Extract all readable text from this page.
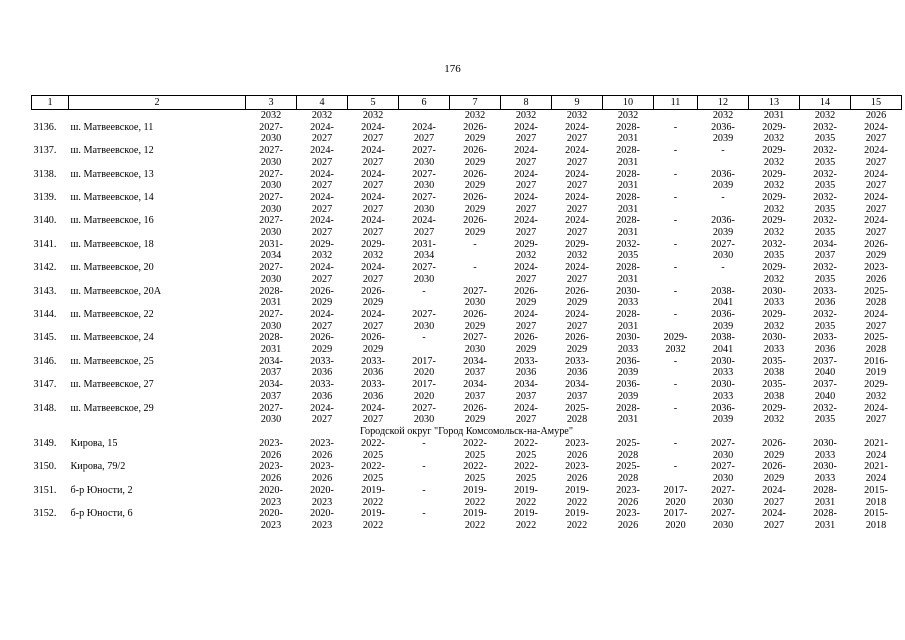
176
1	2	3	4	5	6	7	8	9	10	11	12	13	14	15
		2032	2032	2032		2032	2032	2032	2032		2032	2031	2032	2026
3136.	ш. Матвеевское, 11	2027-	2024-	2024-	2024-	2026-	2024-	2024-	2028-	-	2036-	2029-	2032-	2024-
		2030	2027	2027	2027	2029	2027	2027	2031		2039	2032	2035	2027
3137.	ш. Матвеевское, 12	2027-	2024-	2024-	2027-	2026-	2024-	2024-	2028-	-	-	2029-	2032-	2024-
		2030	2027	2027	2030	2029	2027	2027	2031			2032	2035	2027
3138.	ш. Матвеевское, 13	2027-	2024-	2024-	2027-	2026-	2024-	2024-	2028-	-	2036-	2029-	2032-	2024-
		2030	2027	2027	2030	2029	2027	2027	2031		2039	2032	2035	2027
3139.	ш. Матвеевское, 14	2027-	2024-	2024-	2027-	2026-	2024-	2024-	2028-	-	-	2029-	2032-	2024-
		2030	2027	2027	2030	2029	2027	2027	2031			2032	2035	2027
3140.	ш. Матвеевское, 16	2027-	2024-	2024-	2024-	2026-	2024-	2024-	2028-	-	2036-	2029-	2032-	2024-
		2030	2027	2027	2027	2029	2027	2027	2031		2039	2032	2035	2027
3141.	ш. Матвеевское, 18	2031-	2029-	2029-	2031-	-	2029-	2029-	2032-	-	2027-	2032-	2034-	2026-
		2034	2032	2032	2034		2032	2032	2035		2030	2035	2037	2029
3142.	ш. Матвеевское, 20	2027-	2024-	2024-	2027-	-	2024-	2024-	2028-	-	-	2029-	2032-	2023-
		2030	2027	2027	2030		2027	2027	2031			2032	2035	2026
3143.	ш. Матвеевское, 20А	2028-	2026-	2026-	-	2027-	2026-	2026-	2030-	-	2038-	2030-	2033-	2025-
		2031	2029	2029		2030	2029	2029	2033		2041	2033	2036	2028
3144.	ш. Матвеевское, 22	2027-	2024-	2024-	2027-	2026-	2024-	2024-	2028-	-	2036-	2029-	2032-	2024-
		2030	2027	2027	2030	2029	2027	2027	2031		2039	2032	2035	2027
3145.	ш. Матвеевское, 24	2028-	2026-	2026-	-	2027-	2026-	2026-	2030-	2029-	2038-	2030-	2033-	2025-
		2031	2029	2029		2030	2029	2029	2033	2032	2041	2033	2036	2028
3146.	ш. Матвеевское, 25	2034-	2033-	2033-	2017-	2034-	2033-	2033-	2036-	-	2030-	2035-	2037-	2016-
		2037	2036	2036	2020	2037	2036	2036	2039		2033	2038	2040	2019
3147.	ш. Матвеевское, 27	2034-	2033-	2033-	2017-	2034-	2034-	2034-	2036-	-	2030-	2035-	2037-	2029-
		2037	2036	2036	2020	2037	2037	2037	2039		2033	2038	2040	2032
3148.	ш. Матвеевское, 29	2027-	2024-	2024-	2027-	2026-	2024-	2025-	2028-	-	2036-	2029-	2032-	2024-
		2030	2027	2027	2030	2029	2027	2028	2031		2039	2032	2035	2027
Городской округ "Город Комсомольск-на-Амуре"														
3149.	Кирова, 15	2023-	2023-	2022-	-	2022-	2022-	2023-	2025-	-	2027-	2026-	2030-	2021-
		2026	2026	2025		2025	2025	2026	2028		2030	2029	2033	2024
3150.	Кирова, 79/2	2023-	2023-	2022-	-	2022-	2022-	2023-	2025-	-	2027-	2026-	2030-	2021-
		2026	2026	2025		2025	2025	2026	2028		2030	2029	2033	2024
3151.	б-р Юности, 2	2020-	2020-	2019-	-	2019-	2019-	2019-	2023-	2017-	2027-	2024-	2028-	2015-
		2023	2023	2022		2022	2022	2022	2026	2020	2030	2027	2031	2018
3152.	б-р Юности, 6	2020-	2020-	2019-	-	2019-	2019-	2019-	2023-	2017-	2027-	2024-	2028-	2015-
		2023	2023	2022		2022	2022	2022	2026	2020	2030	2027	2031	2018
